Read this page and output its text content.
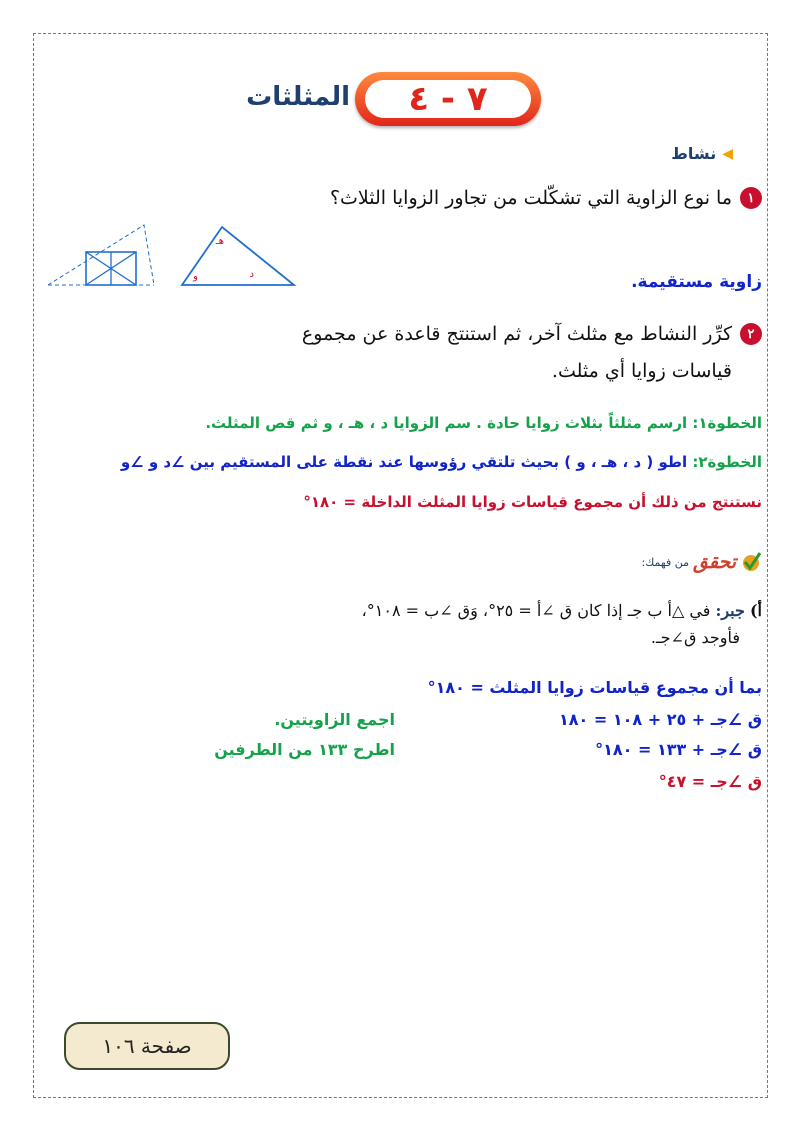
٧ - ٤
المثلثات
◀
نشاط
١
ما نوع الزاوية التي تشكّلت من تجاور الزوايا الثلاث؟
هـ
و	د	زاوية مستقيمة.
٢
كرِّر النشاط مع مثلث آخر، ثم استنتج قاعدة عن مجموع
قياسات زوايا أي مثلث.
الخطوة١: ارسم مثلثاً بثلاث زوايا حادة . سم الزوايا د ، هـ ، و ثم قص المثلث.
الخطوة٢: اطو ( د ، هـ ، و ) بحيث تلتقي رؤوسها عند نقطة على المستقيم بين ∠د و ∠و
نستنتج من ذلك أن مجموع قياسات زوايا المثلث الداخلة = ١٨٠°
تحقق
من فهمك:
أ) جبر: في △أ ب جـ إذا كان ق ∠أ = ٢٥°، وَق ∠ب = ١٠٨°،
فأوجد ق∠جـ.
بما أن مجموع قياسات زوايا المثلث = ١٨٠°
ق ∠جـ + ٢٥ + ١٠٨ = ١٨٠
اجمع الزاويتين.
ق ∠جـ + ١٣٣ = ١٨٠°
اطرح ١٣٣ من الطرفين
ق ∠جـ = ٤٧°
صفحة ١٠٦
